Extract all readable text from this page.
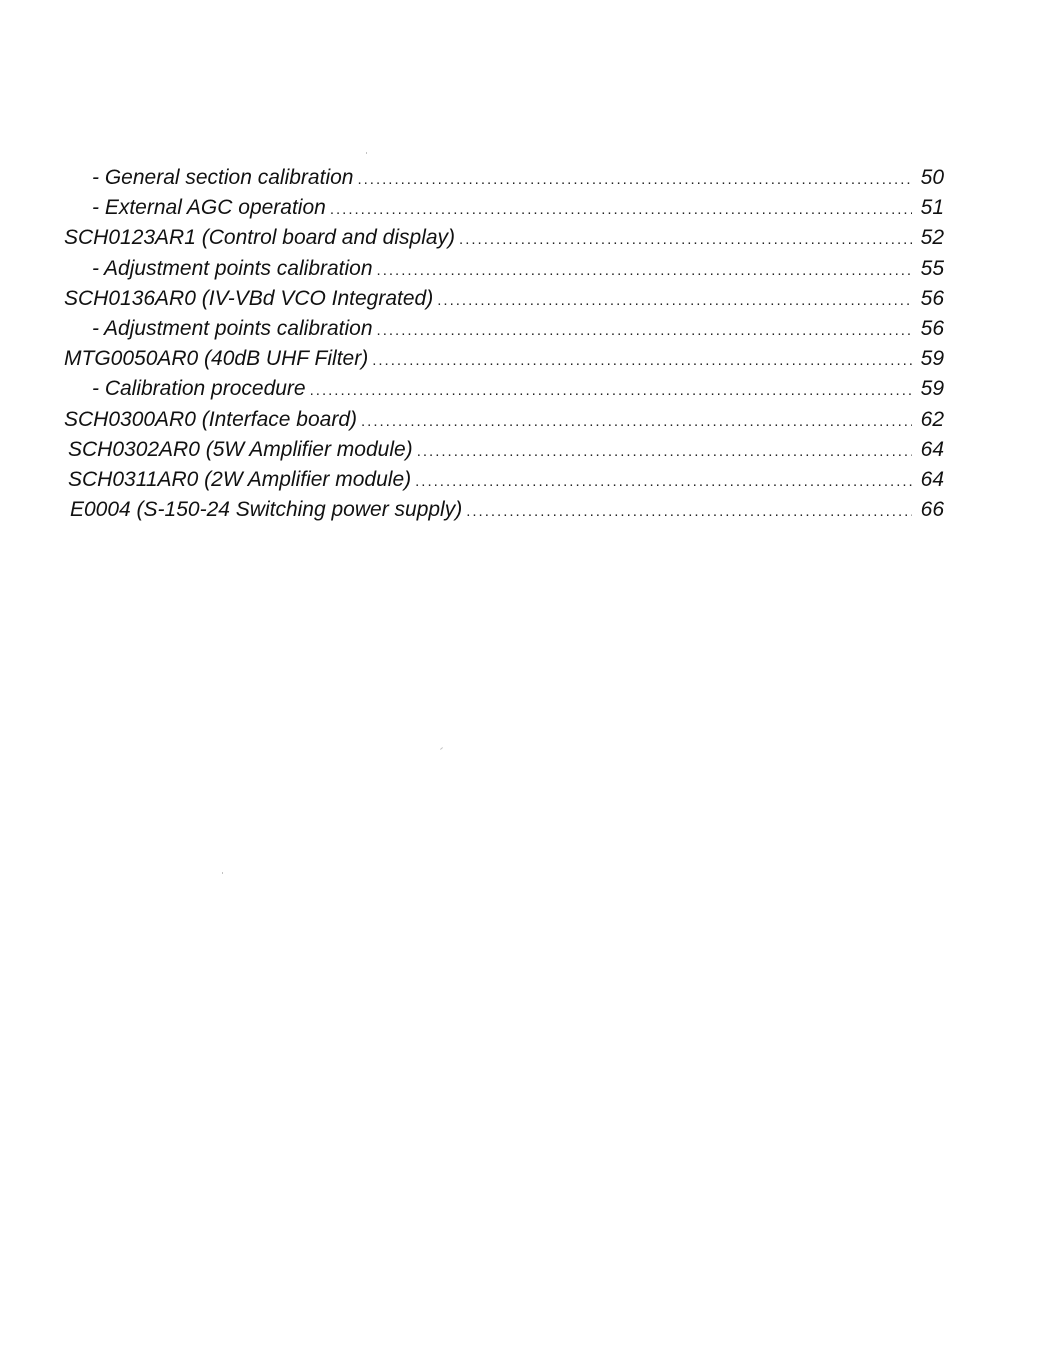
- General section calibration .....	50
- External AGC operation .....	51
SCH0123AR1 (Control board and display) .....	52
- Adjustment points calibration .....	55
SCH0136AR0 (IV-VBd VCO Integrated) .....	56
- Adjustment points calibration .....	56
MTG0050AR0 (40dB UHF Filter) .....	59
- Calibration procedure .....	59
SCH0300AR0 (Interface board) .....	62
SCH0302AR0 (5W Amplifier module) .....	64
SCH0311AR0 (2W Amplifier module) .....	64
E0004 (S-150-24 Switching power supply) .....	66
